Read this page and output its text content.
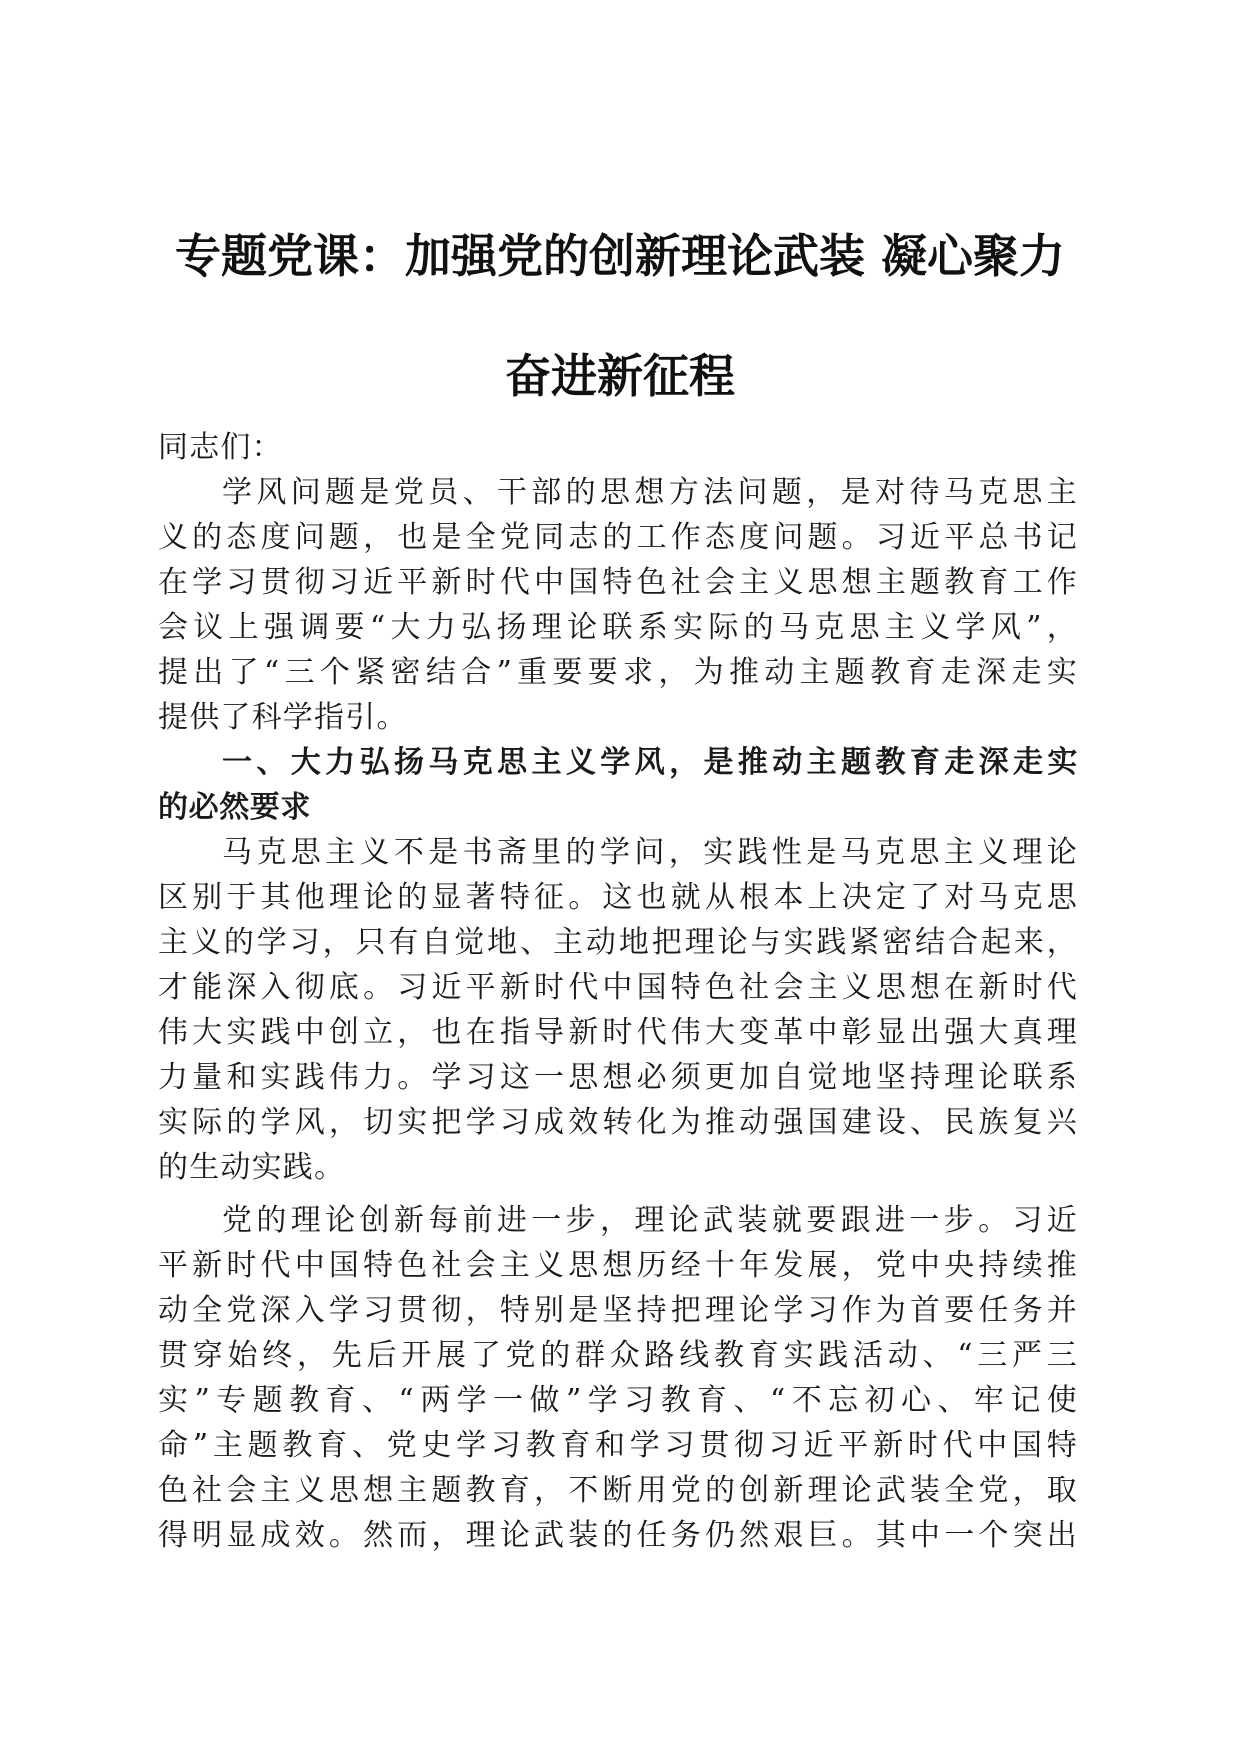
专题党课：加强党的创新理论武装 凝心聚力
奋进新征程

同志们：

学风问题是党员、干部的思想方法问题，是对待马克思主
义的态度问题，也是全党同志的工作态度问题。习近平总书记
在学习贯彻习近平新时代中国特色社会主义思想主题教育工作
会议上强调要“大力弘扬理论联系实际的马克思主义学风”，
提出了“三个紧密结合”重要要求，为推动主题教育走深走实
提供了科学指引。

一、大力弘扬马克思主义学风，是推动主题教育走深走实
的必然要求

马克思主义不是书斋里的学问，实践性是马克思主义理论
区别于其他理论的显著特征。这也就从根本上决定了对马克思
主义的学习，只有自觉地、主动地把理论与实践紧密结合起来，
才能深入彻底。习近平新时代中国特色社会主义思想在新时代
伟大实践中创立，也在指导新时代伟大变革中彰显出强大真理
力量和实践伟力。学习这一思想必须更加自觉地坚持理论联系
实际的学风，切实把学习成效转化为推动强国建设、民族复兴
的生动实践。

党的理论创新每前进一步，理论武装就要跟进一步。习近
平新时代中国特色社会主义思想历经十年发展，党中央持续推
动全党深入学习贯彻，特别是坚持把理论学习作为首要任务并
贯穿始终，先后开展了党的群众路线教育实践活动、“三严三
实”专题教育、“两学一做”学习教育、“不忘初心、牢记使
命”主题教育、党史学习教育和学习贯彻习近平新时代中国特
色社会主义思想主题教育，不断用党的创新理论武装全党，取
得明显成效。然而，理论武装的任务仍然艰巨。其中一个突出
